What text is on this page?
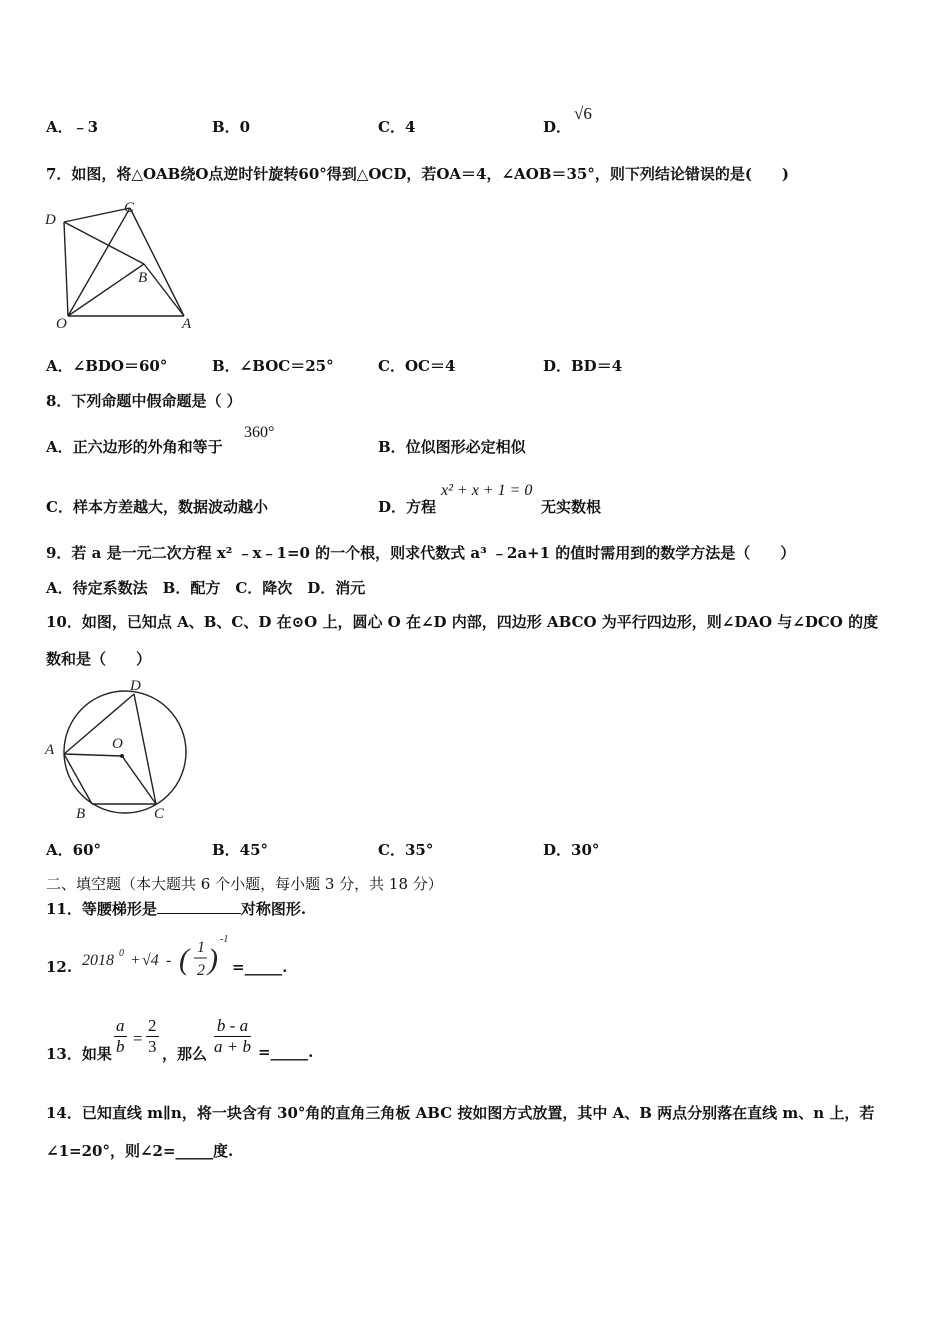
A．﹣3	B．0	C．4	D．
√6
7．如图，将△OAB绕O点逆时针旋转60°得到△OCD，若OA＝4，∠AOB＝35°，则下列结论错误的是(　　)
D
C
B
O	A
A．∠BDO＝60°	B．∠BOC＝25°	C．OC＝4	D．BD＝4
8．下列命题中假命题是（ ）
A．正六边形的外角和等于
360°
B．位似图形必定相似
C．样本方差越大，数据波动越小	D．方程
x² + x + 1 = 0
无实数根
9．若 a 是一元二次方程 x² ﹣x﹣1=0 的一个根，则求代数式 a³ ﹣2a+1 的值时需用到的数学方法是（　　）
A．待定系数法　B．配方　C．降次　D．消元
10．如图，已知点 A、B、C、D 在⊙O 上，圆心 O 在∠D 内部，四边形 ABCO 为平行四边形，则∠DAO 与∠DCO 的度
数和是（　　）
D
A	O
B	C
A．60°	B．45°	C．35°	D．30°
二、填空题（本大题共 6 个小题，每小题 3 分，共 18 分）
11．等腰梯形是	对称图形.
12. 2018 0 + √4 - ( 1
2 )
-1
=_____.
13．如果 $\frac{a}{b} = \frac{2}{3}$ ，那么 $\frac{b - a}{a + b}$ =_____.
14．已知直线 m∥n，将一块含有 30°角的直角三角板 ABC 按如图方式放置，其中 A、B 两点分别落在直线 m、n 上，若
∠1=20°，则∠2=_____度.
